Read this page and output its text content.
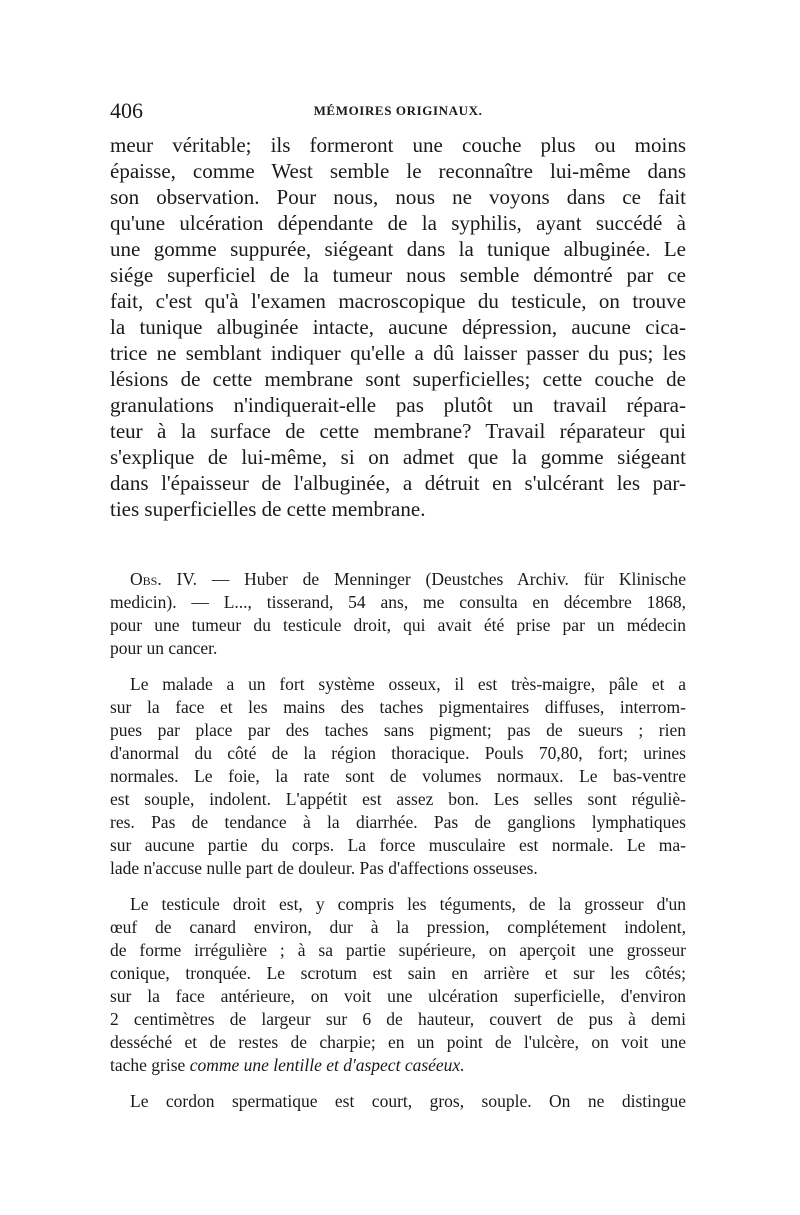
406	MÉMOIRES ORIGINAUX.
meur véritable; ils formeront une couche plus ou moins
épaisse, comme West semble le reconnaître lui-même dans
son observation. Pour nous, nous ne voyons dans ce fait
qu'une ulcération dépendante de la syphilis, ayant succédé à
une gomme suppurée, siégeant dans la tunique albuginée. Le
siége superficiel de la tumeur nous semble démontré par ce
fait, c'est qu'à l'examen macroscopique du testicule, on trouve
la tunique albuginée intacte, aucune dépression, aucune cica-
trice ne semblant indiquer qu'elle a dû laisser passer du pus; les
lésions de cette membrane sont superficielles; cette couche de
granulations n'indiquerait-elle pas plutôt un travail répara-
teur à la surface de cette membrane? Travail réparateur qui
s'explique de lui-même, si on admet que la gomme siégeant
dans l'épaisseur de l'albuginée, a détruit en s'ulcérant les par-
ties superficielles de cette membrane.
Obs. IV. — Huber de Menninger (Deustches Archiv. für Klinische
medicin). — L..., tisserand, 54 ans, me consulta en décembre 1868,
pour une tumeur du testicule droit, qui avait été prise par un médecin
pour un cancer.
Le malade a un fort système osseux, il est très-maigre, pâle et a
sur la face et les mains des taches pigmentaires diffuses, interrom-
pues par place par des taches sans pigment; pas de sueurs ; rien
d'anormal du côté de la région thoracique. Pouls 70,80, fort; urines
normales. Le foie, la rate sont de volumes normaux. Le bas-ventre
est souple, indolent. L'appétit est assez bon. Les selles sont réguliè-
res. Pas de tendance à la diarrhée. Pas de ganglions lymphatiques
sur aucune partie du corps. La force musculaire est normale. Le ma-
lade n'accuse nulle part de douleur. Pas d'affections osseuses.
Le testicule droit est, y compris les téguments, de la grosseur d'un
œuf de canard environ, dur à la pression, complétement indolent,
de forme irrégulière ; à sa partie supérieure, on aperçoit une grosseur
conique, tronquée. Le scrotum est sain en arrière et sur les côtés;
sur la face antérieure, on voit une ulcération superficielle, d'environ
2 centimètres de largeur sur 6 de hauteur, couvert de pus à demi
desséché et de restes de charpie; en un point de l'ulcère, on voit une
tache grise comme une lentille et d'aspect caséeux.
Le cordon spermatique est court, gros, souple. On ne distingue
